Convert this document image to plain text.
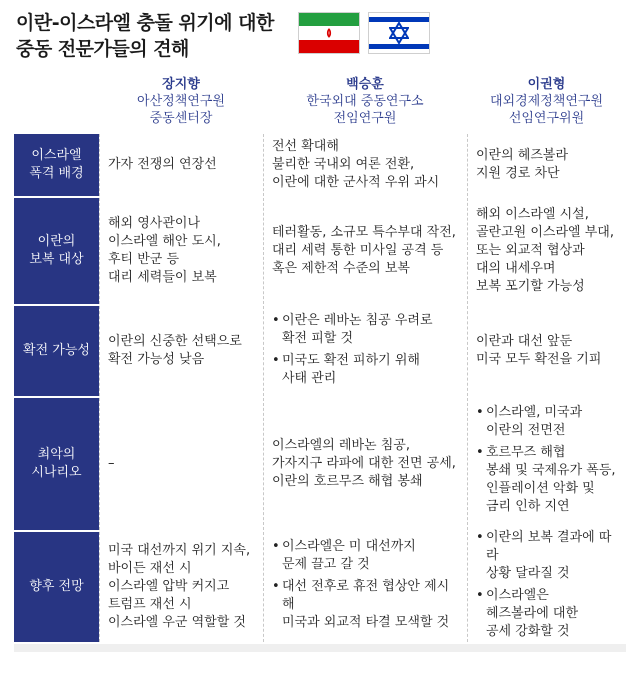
이란-이스라엘 충돌 위기에 대한
중동 전문가들의 견해
장지향
아산정책연구원
중동센터장
백승훈
한국외대 중동연구소
전임연구원
이권형
대외경제정책연구원
선임연구위원
이스라엘
폭격 배경
가자 전쟁의 연장선
전선 확대해
불리한 국내외 여론 전환,
이란에 대한 군사적 우위 과시
이란의 헤즈볼라
지원 경로 차단
이란의
보복 대상
해외 영사관이나
이스라엘 해안 도시,
후티 반군 등
대리 세력들이 보복
테러활동, 소규모 특수부대 작전,
대리 세력 통한 미사일 공격 등
혹은 제한적 수준의 보복
해외 이스라엘 시설,
골란고원 이스라엘 부대,
또는 외교적 협상과
대의 내세우며
보복 포기할 가능성
확전 가능성
이란의 신중한 선택으로
확전 가능성 낮음
• 이란은 레바논 침공 우려로
확전 피할 것
• 미국도 확전 피하기 위해
사태 관리
이란과 대선 앞둔
미국 모두 확전을 기피
최악의
시나리오
–
이스라엘의 레바논 침공,
가자지구 라파에 대한 전면 공세,
이란의 호르무즈 해협 봉쇄
• 이스라엘, 미국과
이란의 전면전
• 호르무즈 해협
봉쇄 및 국제유가 폭등,
인플레이션 악화 및
금리 인하 지연
향후 전망
미국 대선까지 위기 지속,
바이든 재선 시
이스라엘 압박 커지고
트럼프 재선 시
이스라엘 우군 역할할 것
• 이스라엘은 미 대선까지
문제 끌고 갈 것
• 대선 전후로 휴전 협상안 제시해
미국과 외교적 타결 모색할 것
• 이란의 보복 결과에 따라
상황 달라질 것
• 이스라엘은
헤즈볼라에 대한
공세 강화할 것
